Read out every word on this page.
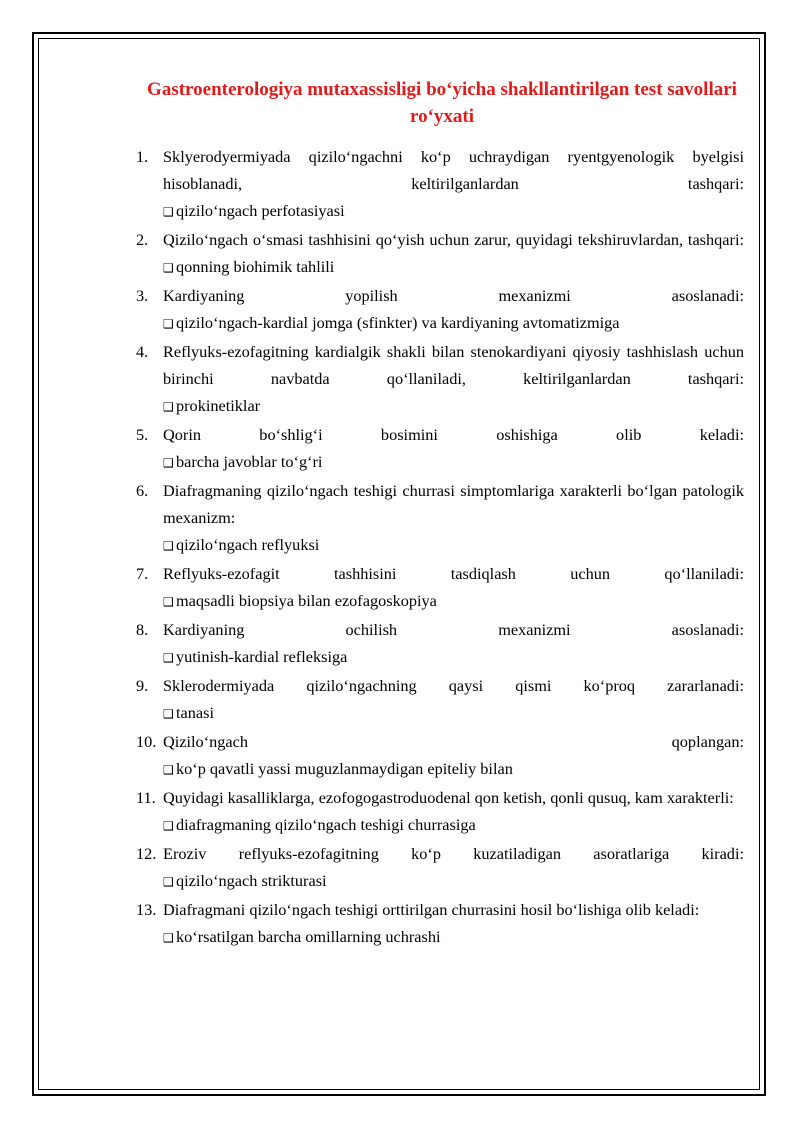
Gastroenterologiya mutaxassisligi bo‘yicha shakllantirilgan test savollari ro‘yxati
1. Sklyerodyermiyada qizilo‘ngachni ko‘p uchraydigan ryentgyenologik byelgisi hisoblanadi, keltirilganlardan tashqari:
❑ qizilo‘ngach perfotasiyasi
2. Qizilo‘ngach o‘smasi tashhisini qo‘yish uchun zarur, quyidagi tekshiruvlardan, tashqari:
❑ qonning biohimik tahlili
3. Kardiyaning yopilish mexanizmi asoslanadi:
❑ qizilo‘ngach-kardial jomga (sfinkter) va kardiyaning avtomatizmiga
4. Reflyuks-ezofagitning kardialgik shakli bilan stenokardiyani qiyosiy tashhislash uchun birinchi navbatda qo‘llaniladi, keltirilganlardan tashqari:
❑ prokinetiklar
5. Qorin bo‘shlig‘i bosimini oshishiga olib keladi:
❑ barcha javoblar to‘g‘ri
6. Diafragmaning qizilo‘ngach teshigi churrasi simptomlariga xarakterli bo‘lgan patologik mexanizm:
❑ qizilo‘ngach reflyuksi
7. Reflyuks-ezofagit tashhisini tasdiqlash uchun qo‘llaniladi:
❑ maqsadli biopsiya bilan ezofagoskopiya
8. Kardiyaning ochilish mexanizmi asoslanadi:
❑ yutinish-kardial refleksiga
9. Sklerodermiyada qizilo‘ngachning qaysi qismi ko‘proq zararlanadi:
❑ tanasi
10. Qizilo‘ngach qoplangan:
❑ ko‘p qavatli yassi muguzlanmaydigan epiteliy bilan
11. Quyidagi kasalliklarga, ezofogogastroduodenal qon ketish, qonli qusuq, kam xarakterli:
❑ diafragmaning qizilo‘ngach teshigi churrasiga
12. Eroziv reflyuks-ezofagitning ko‘p kuzatiladigan asoratlariga kiradi:
❑ qizilo‘ngach strikturasi
13. Diafragmani qizilo‘ngach teshigi orttirilgan churrasini hosil bo‘lishiga olib keladi:
❑ ko‘rsatilgan barcha omillarning uchrashi
